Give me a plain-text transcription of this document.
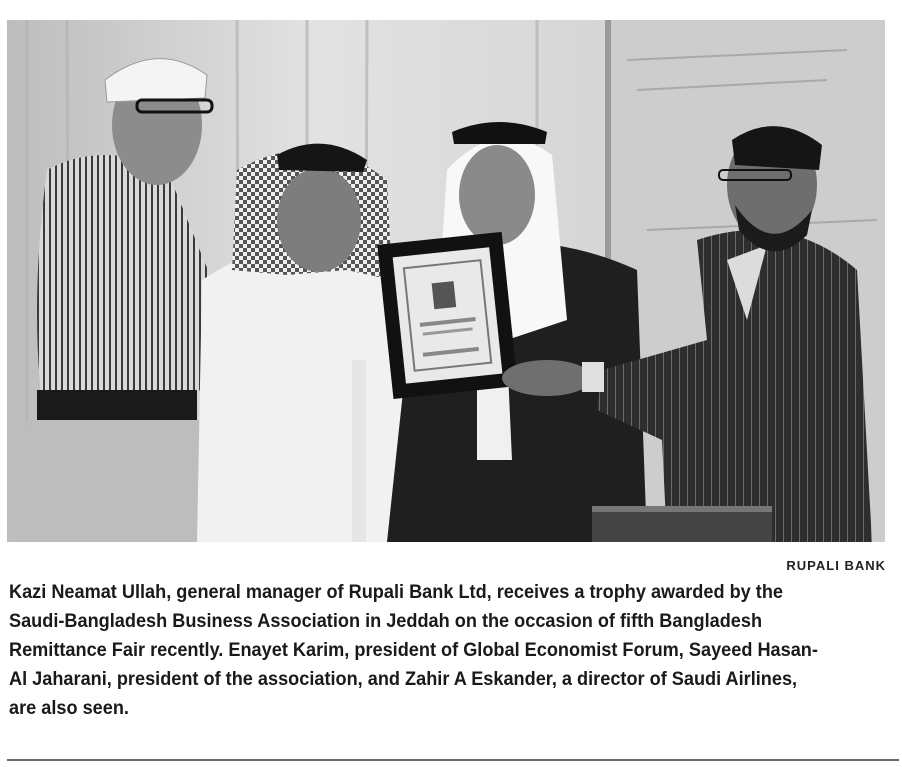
RUPALI BANK

Kazi Neamat Ullah, general manager of Rupali Bank Ltd, receives a trophy awarded by the Saudi-Bangladesh Business Association in Jeddah on the occasion of fifth Bangladesh Remittance Fair recently. Enayet Karim, president of Global Economist Forum, Sayeed Hasan-Al Jaharani, president of the association, and Zahir A Eskander, a director of Saudi Airlines, are also seen.
